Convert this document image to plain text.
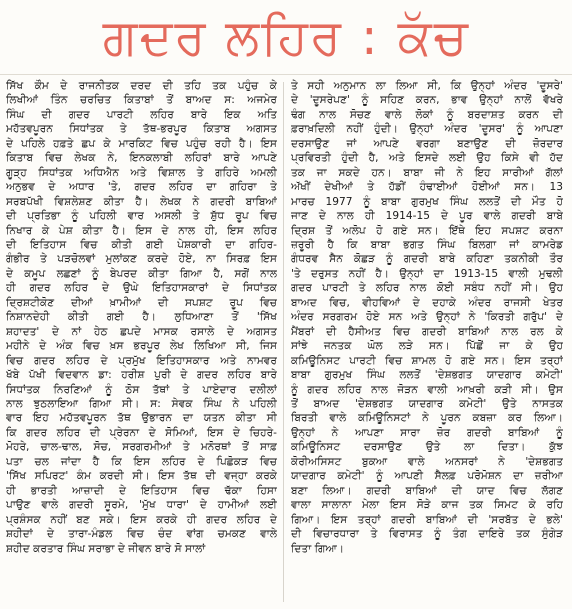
ਗਦਰ ਲਹਿਰ : ਕੱਚ
ਸਿੱਖ ਕੌਮ ਦੇ ਰਾਜਨੀਤਕ ਦਰਦ ਦੀ ਤਹਿ ਤਕ ਪਹੁੰਚ ਕੇ
ਲਿਖੀਆਂ ਤਿੰਨ ਚਰਚਿਤ ਕਿਤਾਬਾਂ ਤੋਂ ਬਾਅਦ ਸ: ਅਜਮੇਰ
ਸਿੰਘ ਦੀ ਗਦਰ ਪਾਰਟੀ ਲਹਿਰ ਬਾਰੇ ਇਕ ਅਤਿ
ਮਹੱਤਵਪੂਰਨ ਸਿਧਾਂਤਕ ਤੇ ਤੱਥ-ਭਰਪੂਰ ਕਿਤਾਬ ਅਗਸਤ
ਦੇ ਪਹਿਲੇ ਹਫ਼ਤੇ ਛਪ ਕੇ ਮਾਰਕਿਟ ਵਿਚ ਪਹੁੰਚ ਰਹੀ ਹੈ। ਇਸ
ਕਿਤਾਬ ਵਿਚ ਲੇਖਕ ਨੇ, ਇਨਕਲਾਬੀ ਲਹਿਰਾਂ ਬਾਰੇ ਆਪਣੇ
ਗੂੜ੍ਹ ਸਿਧਾਂਤਕ ਅਧਿਐਨ ਅਤੇ ਵਿਸ਼ਾਲ ਤੇ ਗਹਿਰੇ ਅਮਲੀ
ਅਨੁਭਵ ਦੇ ਅਧਾਰ 'ਤੇ, ਗਦਰ ਲਹਿਰ ਦਾ ਗਹਿਰਾ ਤੇ
ਸਰਬਪੱਖੀ ਵਿਸ਼ਲੇਸ਼ਣ ਕੀਤਾ ਹੈ। ਲੇਖਕ ਨੇ ਗਦਰੀ ਬਾਬਿਆਂ
ਦੀ ਪ੍ਰਤਿਭਾ ਨੂੰ ਪਹਿਲੀ ਵਾਰ ਅਸਲੀ ਤੇ ਸ਼ੁੱਧ ਰੂਪ ਵਿਚ
ਨਿਖਾਰ ਕੇ ਪੇਸ਼ ਕੀਤਾ ਹੈ। ਇਸ ਦੇ ਨਾਲ ਹੀ, ਇਸ ਲਹਿਰ
ਦੀ ਇਤਿਹਾਸ ਵਿਚ ਕੀਤੀ ਗਈ ਪੇਸ਼ਕਾਰੀ ਦਾ ਗਹਿਰ-
ਗੰਭੀਰ ਤੇ ਪੜਚੋਲਵਾਂ ਮੁਲਾਂਕਣ ਕਰਦੇ ਹੋਏ, ਨਾ ਸਿਰਫ਼ ਇਸ
ਦੇ ਕਮੂਪ ਲਛਣਾਂ ਨੂੰ ਬੇਪਰਦ ਕੀਤਾ ਗਿਆ ਹੈ, ਸਗੋਂ ਨਾਲ
ਹੀ ਗਦਰ ਲਹਿਰ ਦੇ ਉਘੇ ਇਤਿਹਾਸਕਾਰਾਂ ਦੇ ਸਿਧਾਂਤਕ
ਦ੍ਰਿਸ਼ਟੀਕੋਣ ਦੀਆਂ ਖ਼ਾਮੀਆਂ ਦੀ ਸਪਸ਼ਟ ਰੂਪ ਵਿਚ
ਨਿਸ਼ਾਨਦੇਹੀ ਕੀਤੀ ਗਈ ਹੈ। ਲੁਧਿਆਣਾ ਤੋਂ 'ਸਿੱਖ
ਸ਼ਹਾਦਤ' ਦੇ ਨਾਂ ਹੇਠ ਛਪਦੇ ਮਾਸਕ ਰਸਾਲੇ ਦੇ ਅਗਸਤ
ਮਹੀਨੇ ਦੇ ਅੰਕ ਵਿਚ ਖ਼ਸ ਭਰਪੂਰ ਲੇਖ ਲਿਖਿਆ ਸੀ, ਜਿਸ
ਵਿਚ ਗਦਰ ਲਹਿਰ ਦੇ ਪ੍ਰਮੁੱਖ ਇਤਿਹਾਸਕਾਰ ਅਤੇ ਨਾਮਵਰ
ਖੱਬੇ ਪੱਖੀ ਵਿਦਵਾਨ ਡਾ: ਹਰੀਸ਼ ਪੁਰੀ ਦੇ ਗਦਰ ਲਹਿਰ ਬਾਰੇ
ਸਿਧਾਂਤਕ ਨਿਰਣਿਆਂ ਨੂੰ ਠੋਸ ਤੱਥਾਂ ਤੇ ਪਾਏਦਾਰ ਦਲੀਲਾਂ
ਨਾਲ ਝੁਠਲਾਇਆ ਗਿਆ ਸੀ। ਸ: ਸੇਵਕ ਸਿੰਘ ਨੇ ਪਹਿਲੀ
ਵਾਰ ਇਹ ਮਹੱਤਵਪੂਰਨ ਤੱਥ ਉਭਾਰਨ ਦਾ ਯਤਨ ਕੀਤਾ ਸੀ
ਕਿ ਗਦਰ ਲਹਿਰ ਦੀ ਪ੍ਰੇਰਨਾ ਦੇ ਸੋਮਿਆਂ, ਇਸ ਦੇ ਚਿਹਰੇ-
ਮੋਹਰੇ, ਚਾਲ-ਢਾਲ, ਸੋਚ, ਸਰਗਰਮੀਆਂ ਤੇ ਮਨੋਰਥਾਂ ਤੋਂ ਸਾਫ਼
ਪਤਾ ਚਲ ਜਾਂਦਾ ਹੈ ਕਿ ਇਸ ਲਹਿਰ ਦੇ ਪਿਛੋਕੜ ਵਿਚ
'ਸਿੱਖ ਸਪਿਰਟ' ਕੰਮ ਕਰਦੀ ਸੀ। ਇਸ ਤੱਥ ਦੀ ਵਜ੍ਹਾ ਕਰਕੇ
ਹੀ ਭਾਰਤੀ ਆਜ਼ਾਦੀ ਦੇ ਇਤਿਹਾਸ ਵਿਚ ਢੱਕਾ ਹਿਸਾ
ਪਾਉਣ ਵਾਲੇ ਗਦਰੀ ਸੂਰਮੇ, 'ਮੁੱਖ ਧਾਰਾ' ਦੇ ਹਾਮੀਆਂ ਲਈ
ਪ੍ਰਸ਼ੰਸਕ ਨਹੀਂ ਬਣ ਸਕੇ। ਇਸ ਕਰਕੇ ਹੀ ਗਦਰ ਲਹਿਰ ਦੇ
ਸ਼ਹੀਦਾਂ ਦੇ ਤਾਰਾ-ਮੰਡਲ ਵਿਚ ਚੰਦ ਵਾਂਗ ਚਮਕਣ ਵਾਲੇ
ਸ਼ਹੀਦ ਕਰਤਾਰ ਸਿੰਘ ਸਰਾਭਾ ਦੇ ਜੀਵਨ ਬਾਰੇ ਸੋ ਸਾਲਾਂ
ਤੇ ਸਹੀ ਅਨੁਮਾਨ ਲਾ ਲਿਆ ਸੀ, ਕਿ ਉਨ੍ਹਾਂ ਅੰਦਰ 'ਦੂਸਰੇ'
ਦੇ 'ਦੂਸਰੇਪਣ' ਨੂੰ ਸਹਿਣ ਕਰਨ, ਭਾਵ ਉਨ੍ਹਾਂ ਨਾਲੋਂ ਵੱਖਰੇ
ਢੰਗ ਨਾਲ ਸੋਚਣ ਵਾਲੇ ਲੋਕਾਂ ਨੂੰ ਬਰਦਾਸ਼ਤ ਕਰਨ ਦੀ
ਫ਼ਰਾਖ਼ਦਿਲੀ ਨਹੀਂ ਹੁੰਦੀ। ਉਨ੍ਹਾਂ ਅੰਦਰ 'ਦੂਸਰ' ਨੂੰ ਆਪਣਾ
ਦਰਸਾਉਣ ਜਾਂ ਆਪਣੇ ਵਰਗਾ ਬਣਾਉਣ ਦੀ ਜ਼ੋਰਦਾਰ
ਪ੍ਰਵਿਰਤੀ ਹੁੰਦੀ ਹੈ, ਅਤੇ ਇਸਦੇ ਲਈ ਉਹ ਕਿਸੇ ਵੀ ਹੱਦ
ਤਕ ਜਾ ਸਕਦੇ ਹਨ। ਬਾਬਾ ਜੀ ਨੇ ਇਹ ਸਾਰੀਆਂ ਗੱਲਾਂ
ਅੱਖੀਂ ਦੇਖੀਆਂ ਤੇ ਹੱਡੀਂ ਹੰਢਾਈਆਂ ਹੋਈਆਂ ਸਨ। 13
ਮਾਰਚ 1977 ਨੂੰ ਬਾਬਾ ਗੁਰਮੁਖ ਸਿੰਘ ਲਲਤੋਂ ਦੀ ਮੌਤ ਹੋ
ਜਾਣ ਦੇ ਨਾਲ ਹੀ 1914-15 ਦੇ ਪੂਰ ਵਾਲੇ ਗਦਰੀ ਬਾਬੇ
ਦ੍ਰਿਸ਼ ਤੋਂ ਅਲੋਪ ਹੋ ਗਏ ਸਨ। ਇੱਥੇ ਇਹ ਸਪਸ਼ਟ ਕਰਨਾ
ਜ਼ਰੂਰੀ ਹੈ ਕਿ ਬਾਬਾ ਭਗਤ ਸਿੰਘ ਬਿਲਗਾ ਜਾਂ ਕਾਮਰੇਡ
ਗੰਧਰਵ ਸੈਨ ਕੋਛੜ ਨੂੰ ਗਦਰੀ ਬਾਬੇ ਕਹਿਣਾ ਤਕਨੀਕੀ ਤੌਰ
'ਤੇ ਦਰੁਸਤ ਨਹੀਂ ਹੈ। ਉਨ੍ਹਾਂ ਦਾ 1913-15 ਵਾਲੀ ਮੁਢਲੀ
ਗਦਰ ਪਾਰਟੀ ਤੇ ਲਹਿਰ ਨਾਲ ਕੋਈ ਸਬੰਧ ਨਹੀਂ ਸੀ। ਉਹ
ਬਾਅਦ ਵਿਚ, ਵੀਹਵਿਆਂ ਦੇ ਦਹਾਕੇ ਅੰਦਰ ਰਾਜਸੀ ਖੇਤਰ
ਅੰਦਰ ਸਰਗਰਮ ਹੋਏ ਸਨ ਅਤੇ ਉਨ੍ਹਾਂ ਨੇ 'ਕਿਰਤੀ ਗਰੁੱਪ' ਦੇ
ਮੈਂਬਰਾਂ ਦੀ ਹੈਸੀਅਤ ਵਿਚ ਗਦਰੀ ਬਾਬਿਆਂ ਨਾਲ ਰਲ ਕੇ
ਸਾਂਝੇ ਜਨਤਕ ਘੋਲ ਲੜੇ ਸਨ। ਪਿੱਛੋਂ ਜਾ ਕੇ ਉਹ
ਕਮਿਊਨਿਸਟ ਪਾਰਟੀ ਵਿਚ ਸ਼ਾਮਲ ਹੋ ਗਏ ਸਨ। ਇਸ ਤਰ੍ਹਾਂ
ਬਾਬਾ ਗੁਰਮੁਖ ਸਿੰਘ ਲਲਤੋਂ 'ਦੇਸ਼ਭਗਤ ਯਾਦਗਾਰ ਕਮੇਟੀ'
ਨੂੰ ਗਦਰ ਲਹਿਰ ਨਾਲ ਜੋੜਨ ਵਾਲੀ ਆਖ਼ਰੀ ਕੜੀ ਸੀ। ਉਸ
ਤੋਂ ਬਾਅਦ 'ਦੇਸ਼ਭਗਤ ਯਾਦਗਾਰ ਕਮੇਟੀ' ਉਤੇ ਨਾਸਤਕ
ਬਿਰਤੀ ਵਾਲੇ ਕਮਿਊਨਿਸਟਾਂ ਨੇ ਪੂਰਨ ਕਬਜ਼ਾ ਕਰ ਲਿਆ।
ਉਨ੍ਹਾਂ ਨੇ ਆਪਣਾ ਸਾਰਾ ਜ਼ੋਰ ਗਦਰੀ ਬਾਬਿਆਂ ਨੂੰ
ਕਮਿਊਨਿਸਟ ਦਰਸਾਉਣ ਉਤੇ ਲਾ ਦਿਤਾ। ਕੁੱਝ
ਕੋਰੀਅਸਿਸਟ ਬੁਕਆ ਵਾਲੇ ਅਨਸਰਾਂ ਨੇ 'ਦੇਸ਼ਭਗਤ
ਯਾਦਗਾਰ ਕਮੇਟੀ' ਨੂੰ ਆਪਣੀ ਸੈਲਫ਼ ਪਰੋਮੋਸ਼ਨ ਦਾ ਜ਼ਰੀਆ
ਬਣਾ ਲਿਆ। ਗਦਰੀ ਬਾਬਿਆਂ ਦੀ ਯਾਦ ਵਿਚ ਲੱਗਣ
ਵਾਲਾ ਸਾਲਾਨਾ ਮੇਲਾ ਇਸ ਸੋੜੇ ਕਾਜ ਤਕ ਸਿਮਟ ਕੇ ਰਹਿ
ਗਿਆ। ਇਸ ਤਰ੍ਹਾਂ ਗਦਰੀ ਬਾਬਿਆਂ ਦੀ 'ਸਰਬੱਤ ਦੇ ਭਲੇ'
ਦੀ ਵਿਚਾਰਧਾਰਾ ਤੇ ਵਿਰਾਸਤ ਨੂੰ ਤੰਗ ਦਾਇਰੇ ਤਕ ਸੁੰਗੇੜ
ਦਿਤਾ ਗਿਆ।
